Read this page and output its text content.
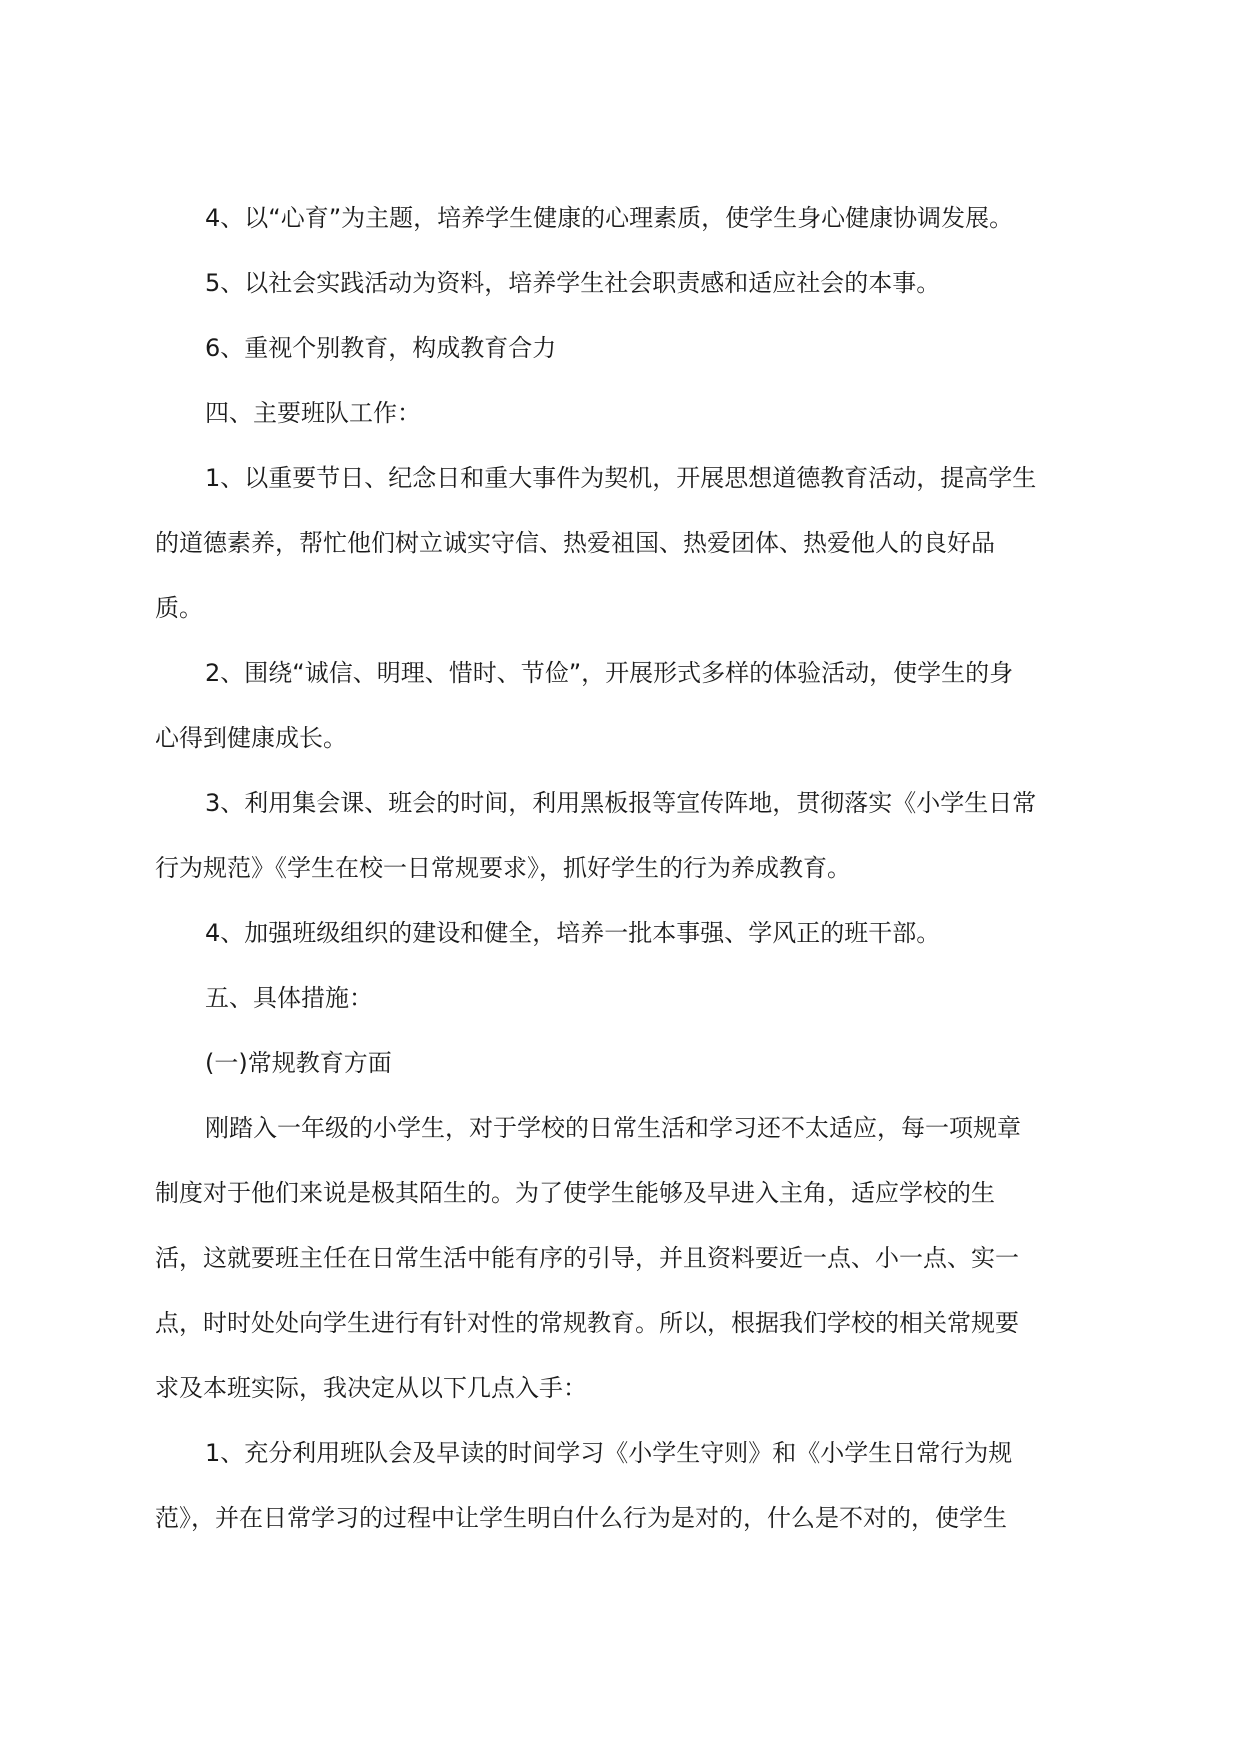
4、以“心育”为主题，培养学生健康的心理素质，使学生身心健康协调发展。

5、以社会实践活动为资料，培养学生社会职责感和适应社会的本事。

6、重视个别教育，构成教育合力

四、主要班队工作：

1、以重要节日、纪念日和重大事件为契机，开展思想道德教育活动，提高学生

的道德素养，帮忙他们树立诚实守信、热爱祖国、热爱团体、热爱他人的良好品

质。

2、围绕“诚信、明理、惜时、节俭”，开展形式多样的体验活动，使学生的身

心得到健康成长。

3、利用集会课、班会的时间，利用黑板报等宣传阵地，贯彻落实《小学生日常

行为规范》《学生在校一日常规要求》，抓好学生的行为养成教育。

4、加强班级组织的建设和健全，培养一批本事强、学风正的班干部。

五、具体措施：

(一)常规教育方面

刚踏入一年级的小学生，对于学校的日常生活和学习还不太适应，每一项规章

制度对于他们来说是极其陌生的。为了使学生能够及早进入主角，适应学校的生

活，这就要班主任在日常生活中能有序的引导，并且资料要近一点、小一点、实一

点，时时处处向学生进行有针对性的常规教育。所以，根据我们学校的相关常规要

求及本班实际，我决定从以下几点入手：

1、充分利用班队会及早读的时间学习《小学生守则》和《小学生日常行为规

范》，并在日常学习的过程中让学生明白什么行为是对的，什么是不对的，使学生
